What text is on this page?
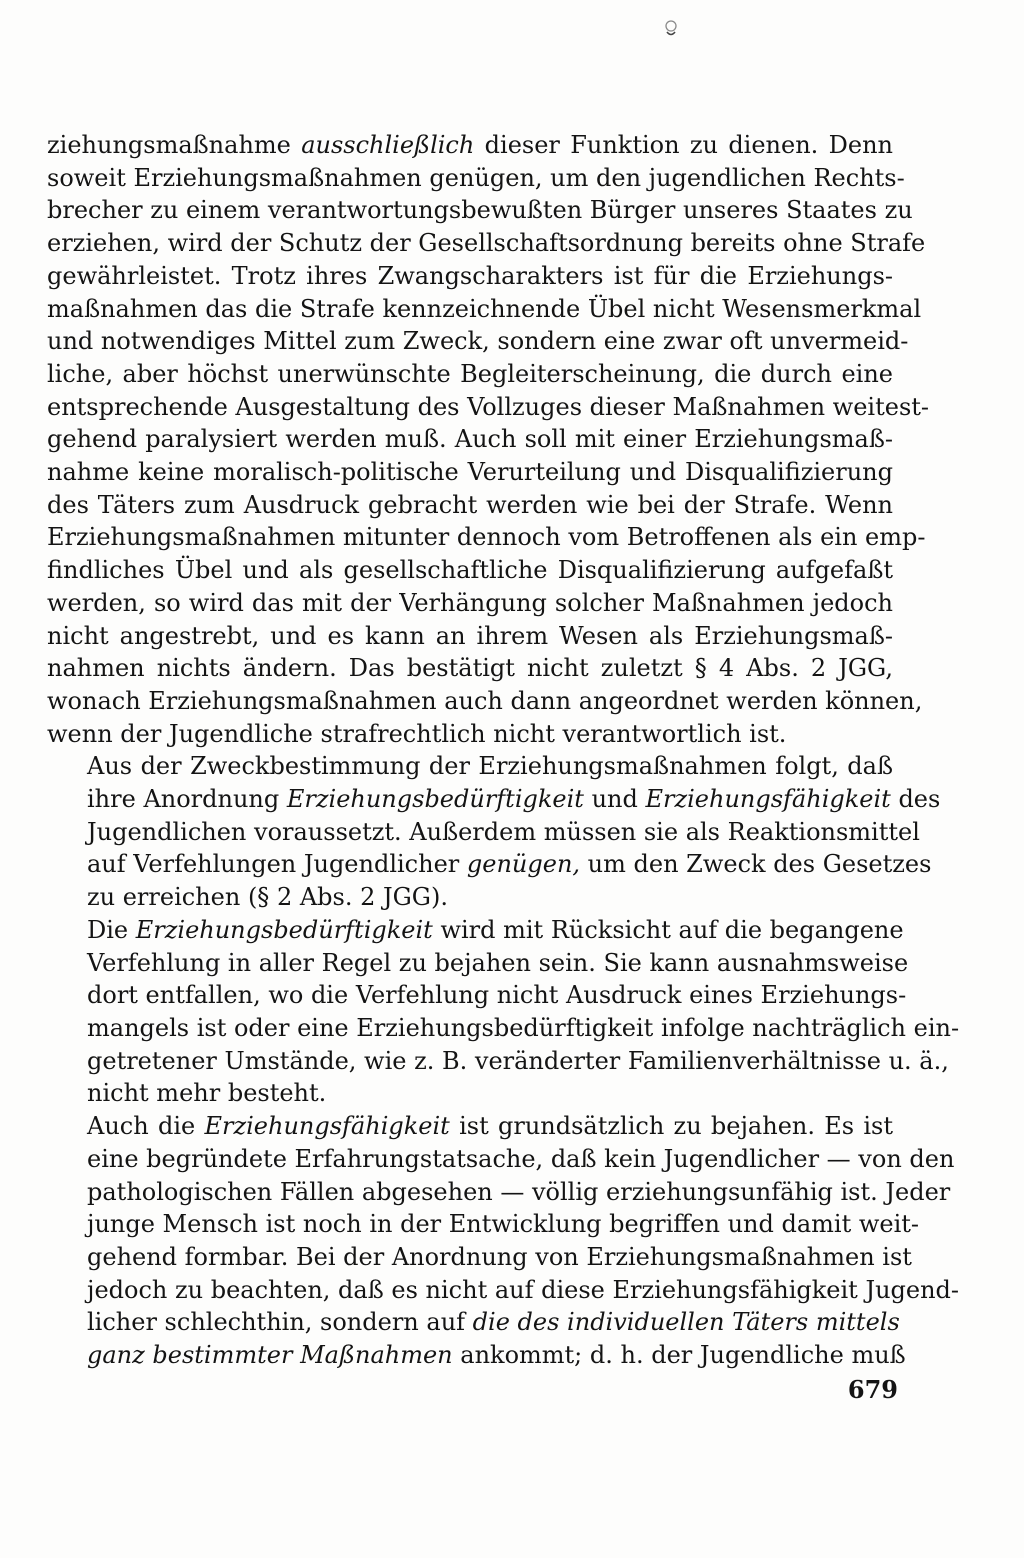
ziehungsmaßnahme ausschließlich dieser Funktion zu dienen. Denn
soweit Erziehungsmaßnahmen genügen, um den jugendlichen Rechts-
brecher zu einem verantwortungsbewußten Bürger unseres Staates zu
erziehen, wird der Schutz der Gesellschaftsordnung bereits ohne Strafe
gewährleistet. Trotz ihres Zwangscharakters ist für die Erziehungs-
maßnahmen das die Strafe kennzeichnende Übel nicht Wesensmerkmal
und notwendiges Mittel zum Zweck, sondern eine zwar oft unvermeid-
liche, aber höchst unerwünschte Begleiterscheinung, die durch eine
entsprechende Ausgestaltung des Vollzuges dieser Maßnahmen weitest-
gehend paralysiert werden muß. Auch soll mit einer Erziehungsmaß-
nahme keine moralisch-politische Verurteilung und Disqualifizierung
des Täters zum Ausdruck gebracht werden wie bei der Strafe. Wenn
Erziehungsmaßnahmen mitunter dennoch vom Betroffenen als ein emp-
findliches Übel und als gesellschaftliche Disqualifizierung aufgefaßt
werden, so wird das mit der Verhängung solcher Maßnahmen jedoch
nicht angestrebt, und es kann an ihrem Wesen als Erziehungsmaß-
nahmen nichts ändern. Das bestätigt nicht zuletzt § 4 Abs. 2 JGG,
wonach Erziehungsmaßnahmen auch dann angeordnet werden können,
wenn der Jugendliche strafrechtlich nicht verantwortlich ist.

Aus der Zweckbestimmung der Erziehungsmaßnahmen folgt, daß
ihre Anordnung Erziehungsbedürftigkeit und Erziehungsfähigkeit des
Jugendlichen voraussetzt. Außerdem müssen sie als Reaktionsmittel
auf Verfehlungen Jugendlicher genügen, um den Zweck des Gesetzes
zu erreichen (§ 2 Abs. 2 JGG).

Die Erziehungsbedürftigkeit wird mit Rücksicht auf die begangene
Verfehlung in aller Regel zu bejahen sein. Sie kann ausnahmsweise
dort entfallen, wo die Verfehlung nicht Ausdruck eines Erziehungs-
mangels ist oder eine Erziehungsbedürftigkeit infolge nachträglich ein-
getretener Umstände, wie z. B. veränderter Familienverhältnisse u. ä.,
nicht mehr besteht.

Auch die Erziehungsfähigkeit ist grundsätzlich zu bejahen. Es ist
eine begründete Erfahrungstatsache, daß kein Jugendlicher — von den
pathologischen Fällen abgesehen — völlig erziehungsunfähig ist. Jeder
junge Mensch ist noch in der Entwicklung begriffen und damit weit-
gehend formbar. Bei der Anordnung von Erziehungsmaßnahmen ist
jedoch zu beachten, daß es nicht auf diese Erziehungsfähigkeit Jugend-
licher schlechthin, sondern auf die des individuellen Täters mittels
ganz bestimmter Maßnahmen ankommt; d. h. der Jugendliche muß

679
